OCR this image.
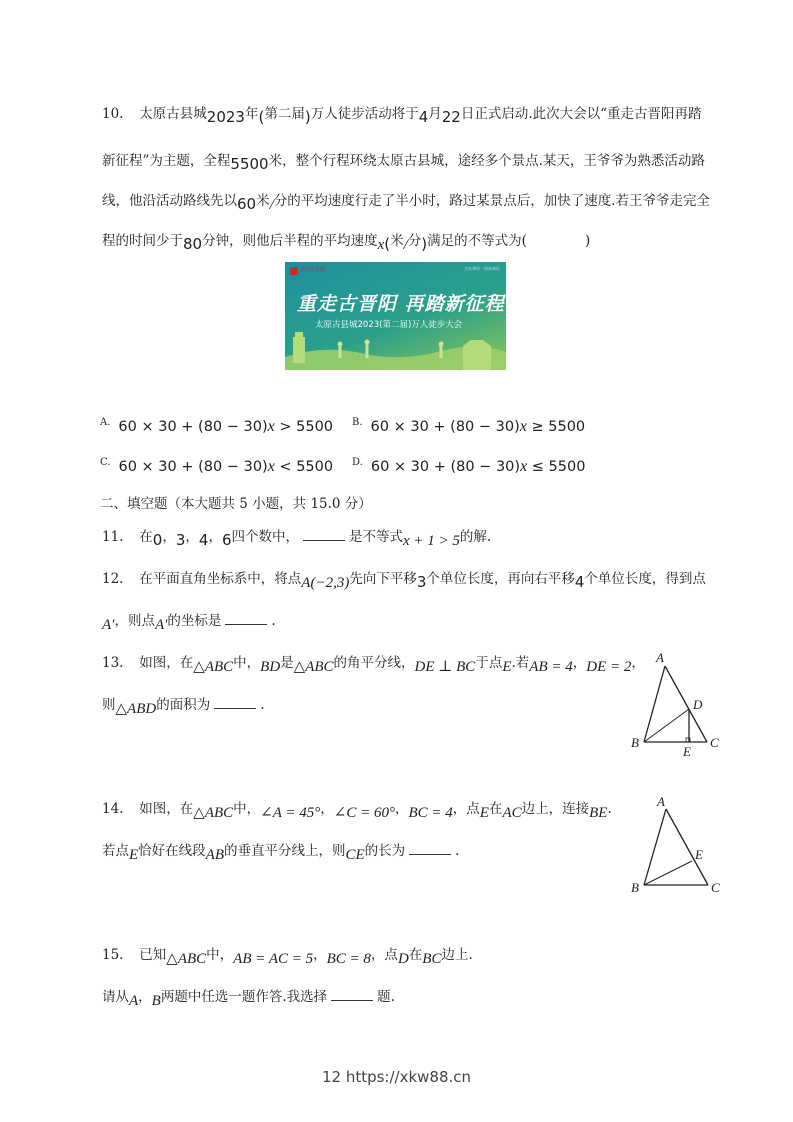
10. 太原古县城2023年(第二届)万人徒步活动将于4月22日正式启动.此次大会以“重走古晋阳再踏
新征程”为主题，全程5500米，整个行程环绕太原古县城，途经多个景点.某天，王爷爷为熟悉活动路
线，他沿活动路线先以60米/分的平均速度行走了半小时，路过某景点后，加快了速度.若王爷爷走完全
程的时间少于80分钟，则他后半程的平均速度x(米/分)满足的不等式为(	)
太原古县城	主办单位 · 协办单位
重走古晋阳 再踏新征程
太原古县城2023(第二届)万人徒步大会
$^{A.}$ 60 × 30 + (80 − 30)x > 5500 $^{B.}$ 60 × 30 + (80 − 30)x ≥ 5500
$^{C.}$ 60 × 30 + (80 − 30)x < 5500 $^{D.}$ 60 × 30 + (80 − 30)x ≤ 5500
二、填空题（本大题共 5 小题，共 15.0 分）
11. 在0，3，4，6四个数中，	是不等式x + 1 > 5的解.
12. 在平面直角坐标系中，将点A(−2,3)先向下平移3个单位长度，再向右平移4个单位长度，得到点
A′，则点A′的坐标是	.
13. 如图，在△ABC中，BD是△ABC的角平分线，DE ⊥ BC于点E.若AB = 4，DE = 2，
则△ABD的面积为	.
A
B	C
D
E
14. 如图，在△ABC中，∠A = 45°，∠C = 60°，BC = 4，点E在AC边上，连接BE.
若点E恰好在线段AB的垂直平分线上，则CE的长为	.
A
B	C
E
15. 已知△ABC中，AB = AC = 5，BC = 8，点D在BC边上.
请从A，B两题中任选一题作答.我选择	题.
12 https://xkw88.cn
